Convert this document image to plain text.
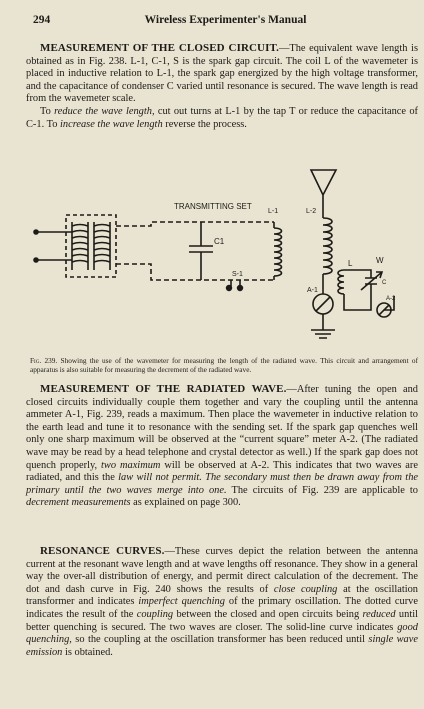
294	Wireless Experimenter's Manual

MEASUREMENT OF THE CLOSED CIRCUIT.—The equivalent wave length is obtained as in Fig. 238. L-1, C-1, S is the spark gap circuit. The coil L of the wavemeter is placed in inductive relation to L-1, the spark gap energized by the high voltage transformer, and the capacitance of condenser C varied until resonance is secured. The wave length is read from the wavemeter scale.

To reduce the wave length, cut out turns at L-1 by the tap T or reduce the capacitance of C-1. To increase the wave length reverse the process.

TRANSMITTING SET
L-1	L-2
C1
S-1
A-1
L	W
C
A-2
Fig. 239. Showing the use of the wavemeter for measuring the length of the radiated wave. This circuit and arrangement of apparatus is also suitable for measuring the decrement of the radiated wave.

MEASUREMENT OF THE RADIATED WAVE.—After tuning the open and closed circuits individually couple them together and vary the coupling until the antenna ammeter A-1, Fig. 239, reads a maximum. Then place the wavemeter in inductive relation to the earth lead and tune it to resonance with the sending set. If the spark gap quenches well only one sharp maximum will be observed at the “current square” meter A-2. (The radiated wave may be read by a head telephone and crystal detector as well.) If the spark gap does not quench properly, two maximum will be observed at A-2. This indicates that two waves are radiated, and this the law will not permit. The secondary must then be drawn away from the primary until the two waves merge into one. The circuits of Fig. 239 are applicable to decrement measurements as explained on page 300.

RESONANCE CURVES.—These curves depict the relation between the antenna current at the resonant wave length and at wave lengths off resonance. They show in a general way the over-all distribution of energy, and permit direct calculation of the decrement. The dot and dash curve in Fig. 240 shows the results of close coupling at the oscillation transformer and indicates imperfect quenching of the primary oscillation. The dotted curve indicates the result of the coupling between the closed and open circuits being reduced until better quenching is secured. The two waves are closer. The solid-line curve indicates good quenching, so the coupling at the oscillation transformer has been reduced until single wave emission is obtained.
